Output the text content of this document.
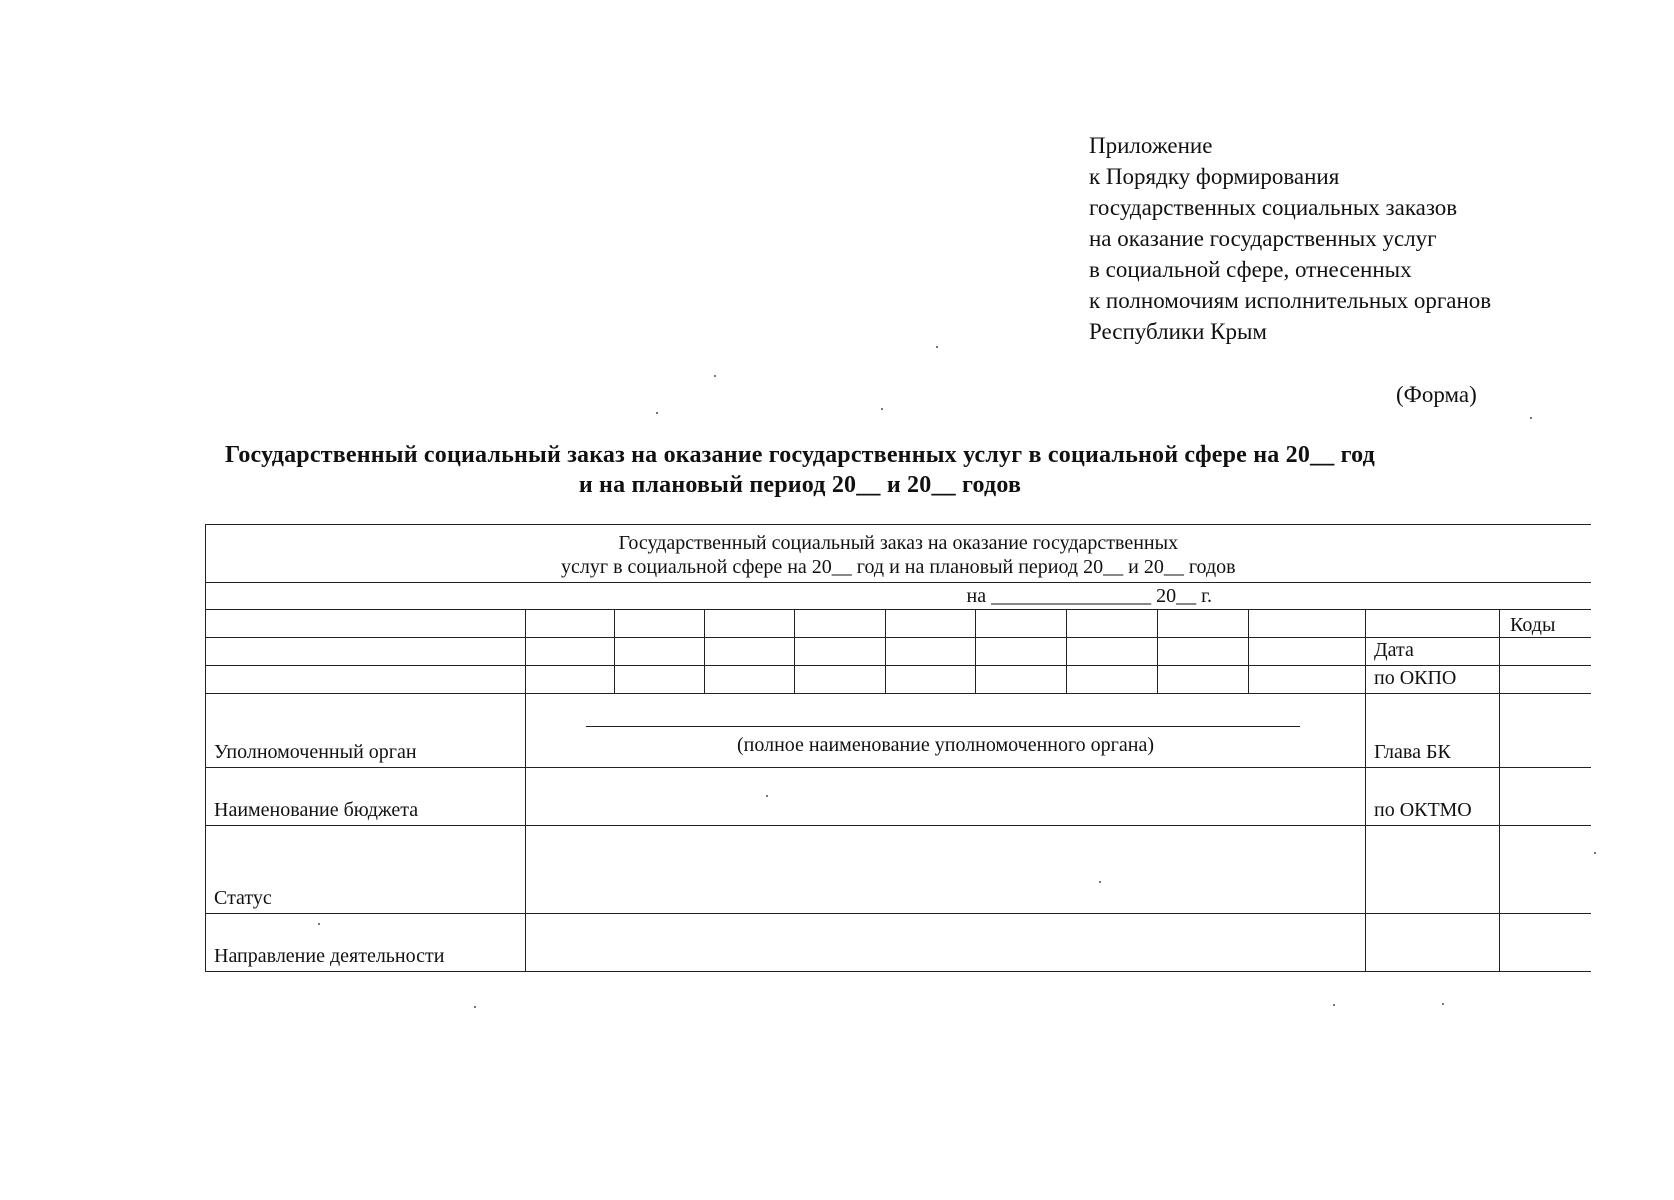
Приложение
к Порядку формирования
государственных социальных заказов
на оказание государственных услуг
в социальной сфере, отнесенных
к полномочиям исполнительных органов
Республики Крым
(Форма)
Государственный социальный заказ на оказание государственных услуг в социальной сфере на 20__ год
и на плановый период 20__ и 20__ годов
Государственный социальный заказ на оказание государственных
услуг в социальной сфере на 20__ год и на плановый период 20__ и 20__ годов											

на ________________ 20__ г.											
											Коды
										Дата	
										по ОКПО	
Уполномоченный орган	(полное наименование уполномоченного органа)									Глава БК	
Наименование бюджета										по ОКТМО	
Статус											
Направление деятельности											
